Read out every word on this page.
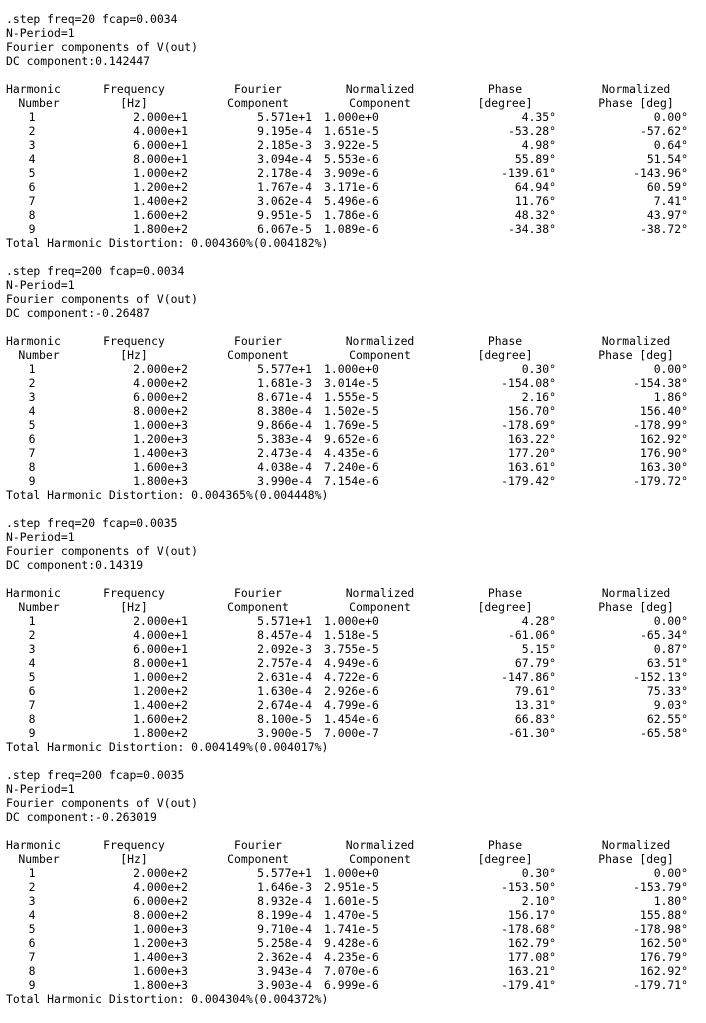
.step freq=20 fcap=0.0034
N-Period=1
Fourier components of V(out)
DC component:0.142447
Harmonic	Frequency	Fourier	Normalized	Phase	Normalized
Number	[Hz]	Component	Component	[degree]	Phase [deg]
1	2.000e+1	5.571e+1	1.000e+0	4.35°	0.00°
2	4.000e+1	9.195e-4	1.651e-5	-53.28°	-57.62°
3	6.000e+1	2.185e-3	3.922e-5	4.98°	0.64°
4	8.000e+1	3.094e-4	5.553e-6	55.89°	51.54°
5	1.000e+2	2.178e-4	3.909e-6	-139.61°	-143.96°
6	1.200e+2	1.767e-4	3.171e-6	64.94°	60.59°
7	1.400e+2	3.062e-4	5.496e-6	11.76°	7.41°
8	1.600e+2	9.951e-5	1.786e-6	48.32°	43.97°
9	1.800e+2	6.067e-5	1.089e-6	-34.38°	-38.72°
Total Harmonic Distortion: 0.004360%(0.004182%)
.step freq=200 fcap=0.0034
N-Period=1
Fourier components of V(out)
DC component:-0.26487
Harmonic	Frequency	Fourier	Normalized	Phase	Normalized
Number	[Hz]	Component	Component	[degree]	Phase [deg]
1	2.000e+2	5.577e+1	1.000e+0	0.30°	0.00°
2	4.000e+2	1.681e-3	3.014e-5	-154.08°	-154.38°
3	6.000e+2	8.671e-4	1.555e-5	2.16°	1.86°
4	8.000e+2	8.380e-4	1.502e-5	156.70°	156.40°
5	1.000e+3	9.866e-4	1.769e-5	-178.69°	-178.99°
6	1.200e+3	5.383e-4	9.652e-6	163.22°	162.92°
7	1.400e+3	2.473e-4	4.435e-6	177.20°	176.90°
8	1.600e+3	4.038e-4	7.240e-6	163.61°	163.30°
9	1.800e+3	3.990e-4	7.154e-6	-179.42°	-179.72°
Total Harmonic Distortion: 0.004365%(0.004448%)
.step freq=20 fcap=0.0035
N-Period=1
Fourier components of V(out)
DC component:0.14319
Harmonic	Frequency	Fourier	Normalized	Phase	Normalized
Number	[Hz]	Component	Component	[degree]	Phase [deg]
1	2.000e+1	5.571e+1	1.000e+0	4.28°	0.00°
2	4.000e+1	8.457e-4	1.518e-5	-61.06°	-65.34°
3	6.000e+1	2.092e-3	3.755e-5	5.15°	0.87°
4	8.000e+1	2.757e-4	4.949e-6	67.79°	63.51°
5	1.000e+2	2.631e-4	4.722e-6	-147.86°	-152.13°
6	1.200e+2	1.630e-4	2.926e-6	79.61°	75.33°
7	1.400e+2	2.674e-4	4.799e-6	13.31°	9.03°
8	1.600e+2	8.100e-5	1.454e-6	66.83°	62.55°
9	1.800e+2	3.900e-5	7.000e-7	-61.30°	-65.58°
Total Harmonic Distortion: 0.004149%(0.004017%)
.step freq=200 fcap=0.0035
N-Period=1
Fourier components of V(out)
DC component:-0.263019
Harmonic	Frequency	Fourier	Normalized	Phase	Normalized
Number	[Hz]	Component	Component	[degree]	Phase [deg]
1	2.000e+2	5.577e+1	1.000e+0	0.30°	0.00°
2	4.000e+2	1.646e-3	2.951e-5	-153.50°	-153.79°
3	6.000e+2	8.932e-4	1.601e-5	2.10°	1.80°
4	8.000e+2	8.199e-4	1.470e-5	156.17°	155.88°
5	1.000e+3	9.710e-4	1.741e-5	-178.68°	-178.98°
6	1.200e+3	5.258e-4	9.428e-6	162.79°	162.50°
7	1.400e+3	2.362e-4	4.235e-6	177.08°	176.79°
8	1.600e+3	3.943e-4	7.070e-6	163.21°	162.92°
9	1.800e+3	3.903e-4	6.999e-6	-179.41°	-179.71°
Total Harmonic Distortion: 0.004304%(0.004372%)
